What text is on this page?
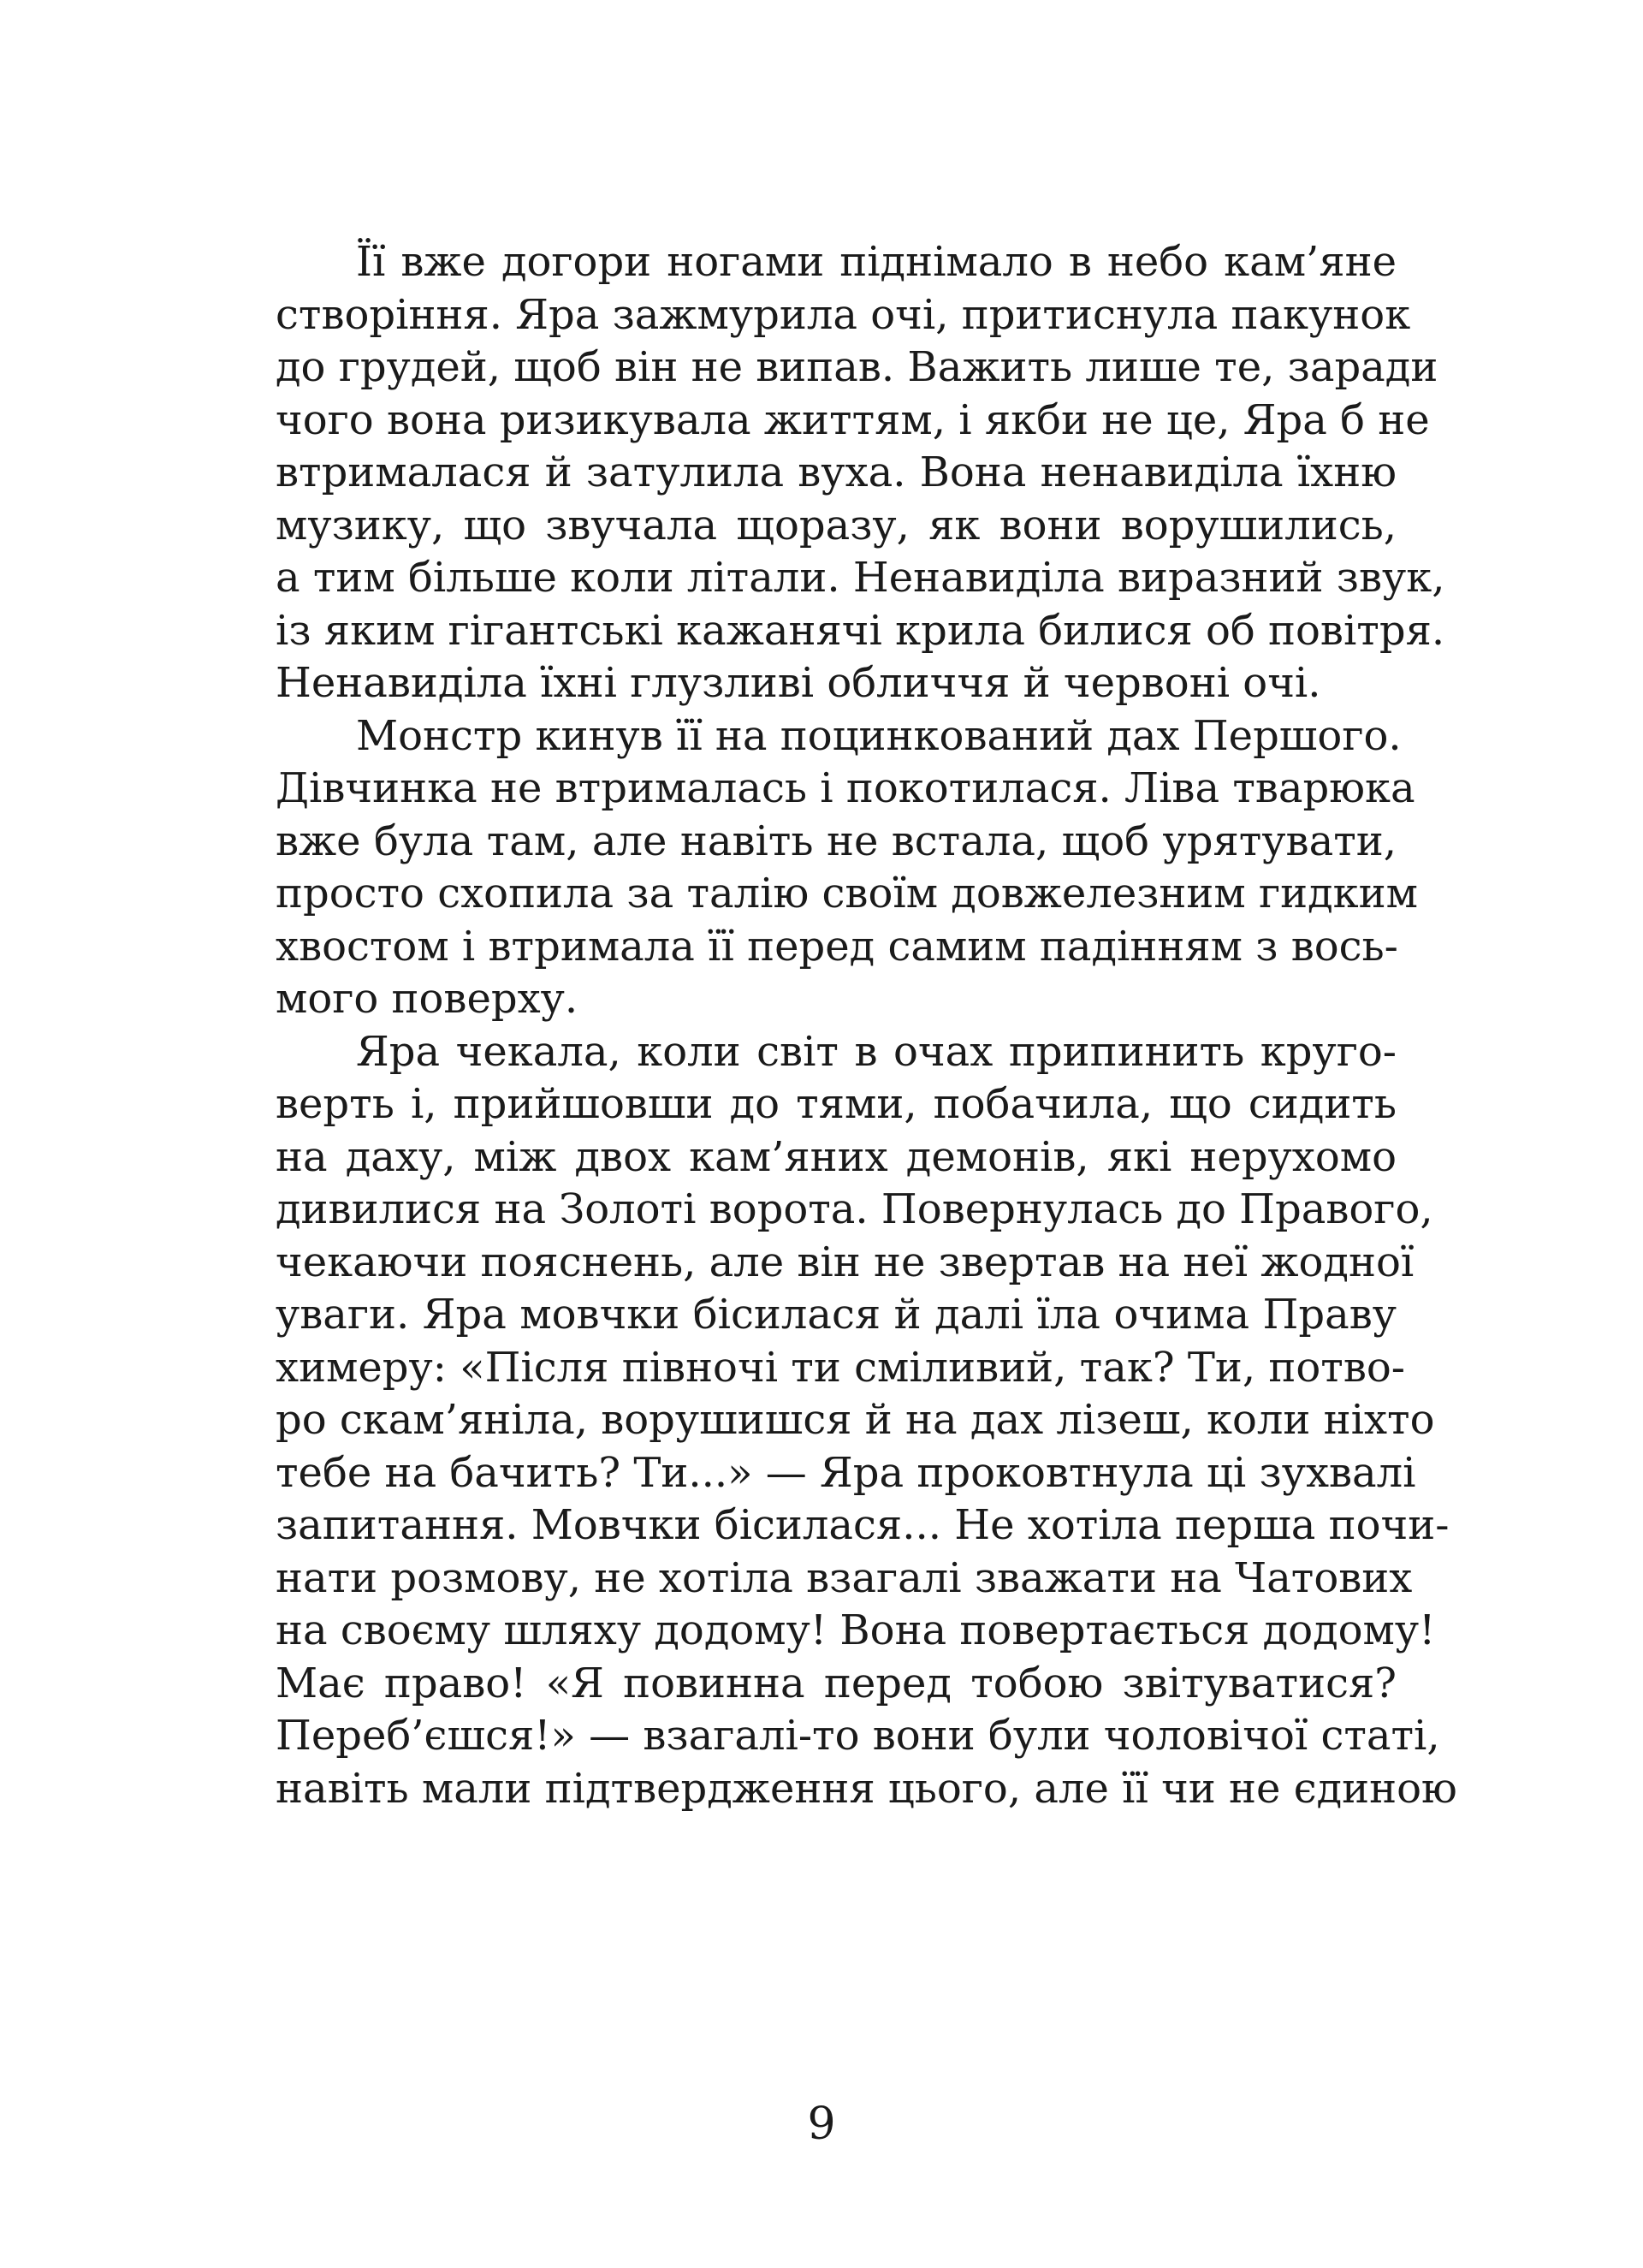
Її вже догори ногами піднімало в небо кам’яне
створіння. Яра зажмурила очі, притиснула пакунок
до грудей, щоб він не випав. Важить лише те, заради
чого вона ризикувала життям, і якби не це, Яра б не
втрималася й затулила вуха. Вона ненавиділа їхню
музику, що звучала щоразу, як вони ворушились,
а тим більше коли літали. Ненавиділа виразний звук,
із яким гігантські кажанячі крила билися об повітря.
Ненавиділа їхні глузливі обличчя й червоні очі.
Монстр кинув її на поцинкований дах Першого.
Дівчинка не втрималась і покотилася. Ліва тварюка
вже була там, але навіть не встала, щоб урятувати,
просто схопила за талію своїм довжелезним гидким
хвостом і втримала її перед самим падінням з вось-
мого поверху.
Яра чекала, коли світ в очах припинить круго-
верть і, прийшовши до тями, побачила, що сидить
на даху, між двох кам’яних демонів, які нерухомо
дивилися на Золоті ворота. Повернулась до Правого,
чекаючи пояснень, але він не звертав на неї жодної
уваги. Яра мовчки бісилася й далі їла очима Праву
химеру: «Після півночі ти сміливий, так? Ти, потво-
ро скам’яніла, ворушишся й на дах лізеш, коли ніхто
тебе на бачить? Ти...» — Яра проковтнула ці зухвалі
запитання. Мовчки бісилася... Не хотіла перша почи-
нати розмову, не хотіла взагалі зважати на Чатових
на своєму шляху додому! Вона повертається додому!
Має право! «Я повинна перед тобою звітуватися?
Переб’єшся!» — взагалі-то вони були чоловічої статі,
навіть мали підтвердження цього, але її чи не єдиною
9
